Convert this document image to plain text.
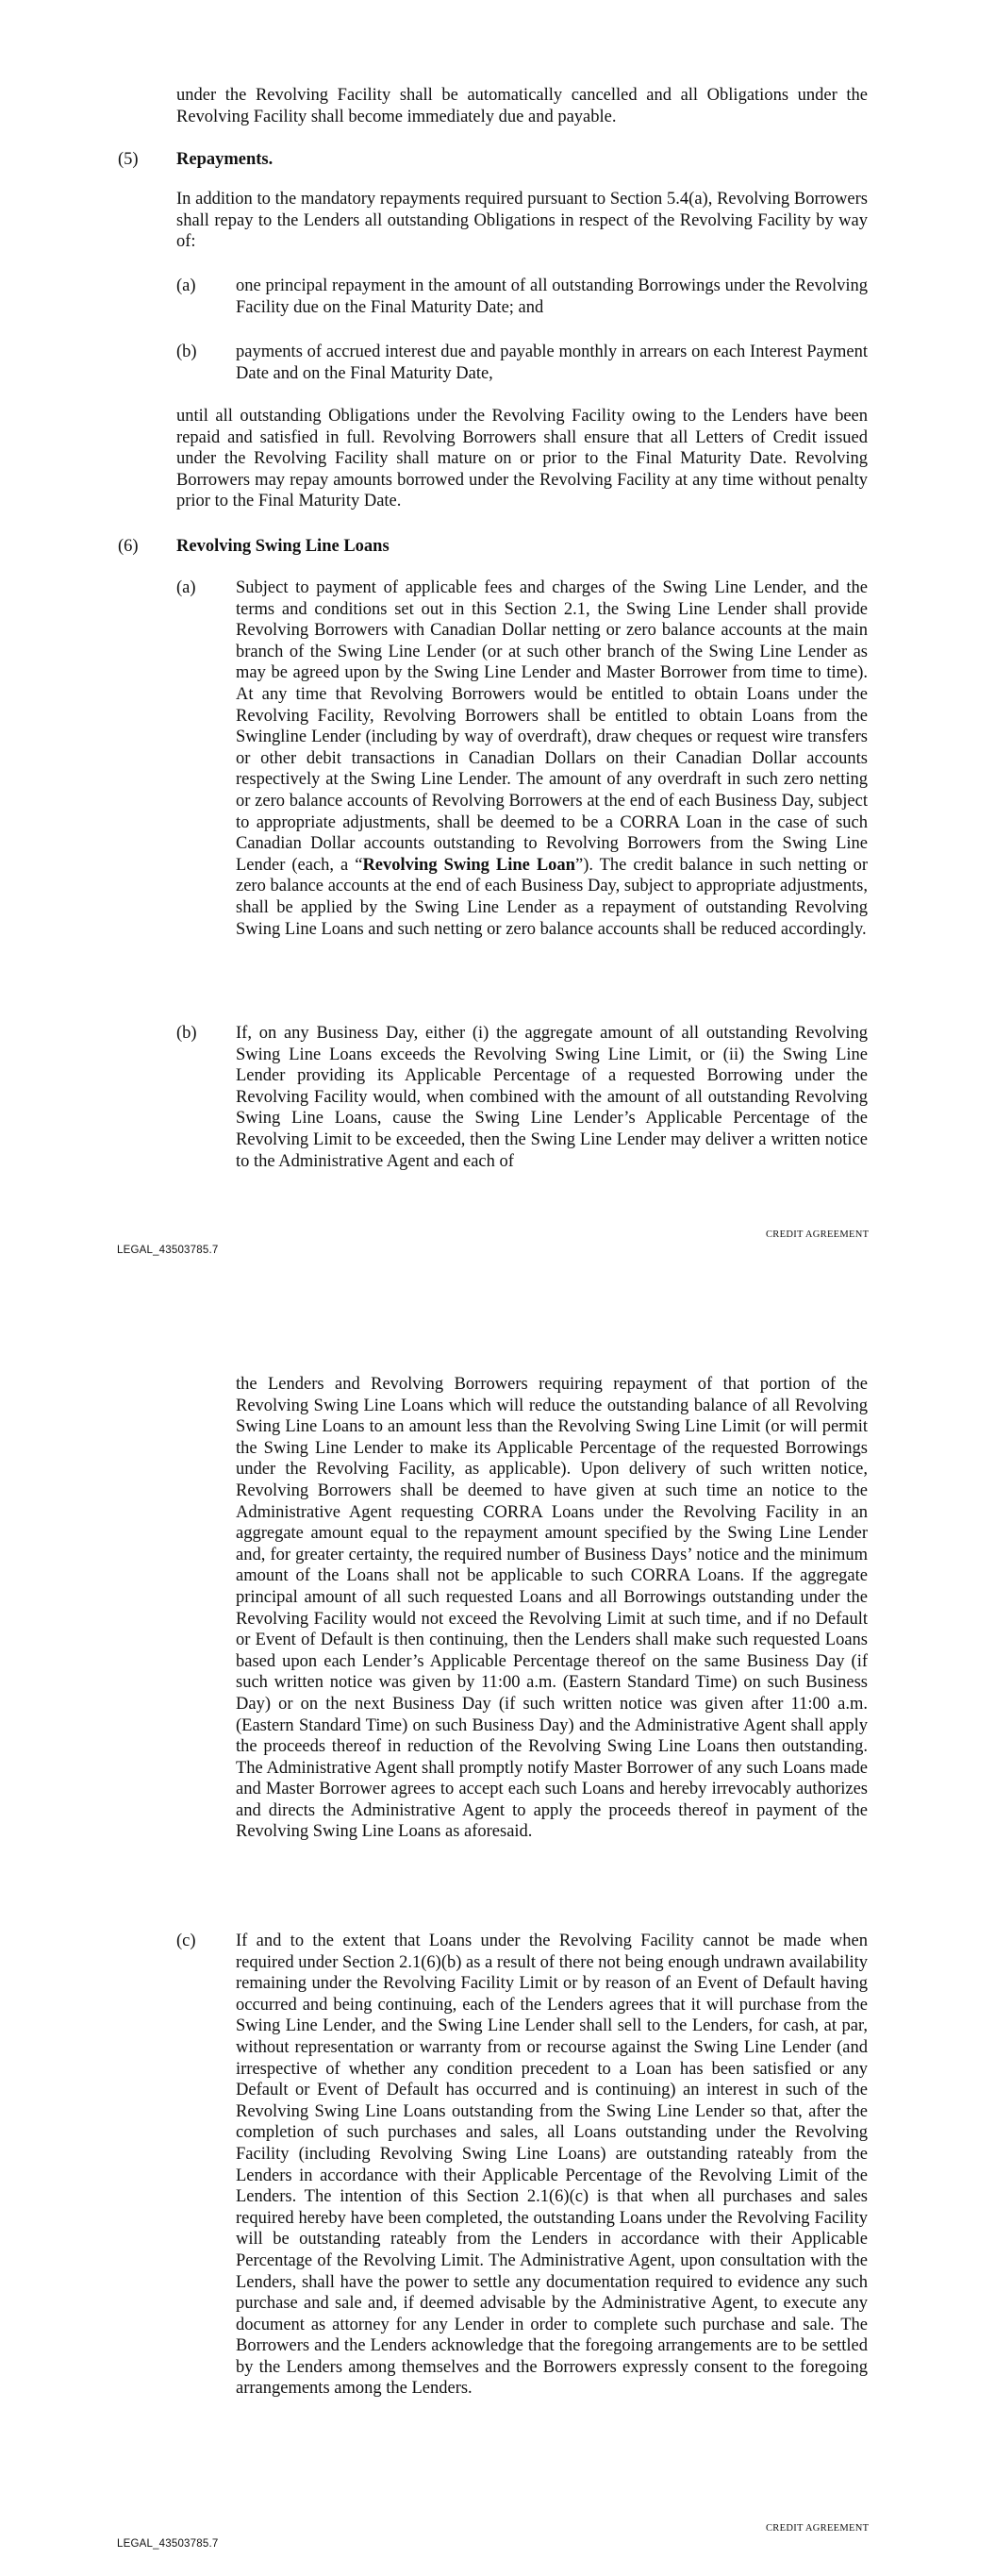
under the Revolving Facility shall be automatically cancelled and all Obligations under the Revolving Facility shall become immediately due and payable.
(5) Repayments.
In addition to the mandatory repayments required pursuant to Section 5.4(a), Revolving Borrowers shall repay to the Lenders all outstanding Obligations in respect of the Revolving Facility by way of:
(a) one principal repayment in the amount of all outstanding Borrowings under the Revolving Facility due on the Final Maturity Date; and
(b) payments of accrued interest due and payable monthly in arrears on each Interest Payment Date and on the Final Maturity Date,
until all outstanding Obligations under the Revolving Facility owing to the Lenders have been repaid and satisfied in full. Revolving Borrowers shall ensure that all Letters of Credit issued under the Revolving Facility shall mature on or prior to the Final Maturity Date. Revolving Borrowers may repay amounts borrowed under the Revolving Facility at any time without penalty prior to the Final Maturity Date.
(6) Revolving Swing Line Loans
(a) Subject to payment of applicable fees and charges of the Swing Line Lender, and the terms and conditions set out in this Section 2.1, the Swing Line Lender shall provide Revolving Borrowers with Canadian Dollar netting or zero balance accounts at the main branch of the Swing Line Lender (or at such other branch of the Swing Line Lender as may be agreed upon by the Swing Line Lender and Master Borrower from time to time). At any time that Revolving Borrowers would be entitled to obtain Loans under the Revolving Facility, Revolving Borrowers shall be entitled to obtain Loans from the Swingline Lender (including by way of overdraft), draw cheques or request wire transfers or other debit transactions in Canadian Dollars on their Canadian Dollar accounts respectively at the Swing Line Lender. The amount of any overdraft in such zero netting or zero balance accounts of Revolving Borrowers at the end of each Business Day, subject to appropriate adjustments, shall be deemed to be a CORRA Loan in the case of such Canadian Dollar accounts outstanding to Revolving Borrowers from the Swing Line Lender (each, a “Revolving Swing Line Loan”). The credit balance in such netting or zero balance accounts at the end of each Business Day, subject to appropriate adjustments, shall be applied by the Swing Line Lender as a repayment of outstanding Revolving Swing Line Loans and such netting or zero balance accounts shall be reduced accordingly.
(b) If, on any Business Day, either (i) the aggregate amount of all outstanding Revolving Swing Line Loans exceeds the Revolving Swing Line Limit, or (ii) the Swing Line Lender providing its Applicable Percentage of a requested Borrowing under the Revolving Facility would, when combined with the amount of all outstanding Revolving Swing Line Loans, cause the Swing Line Lender’s Applicable Percentage of the Revolving Limit to be exceeded, then the Swing Line Lender may deliver a written notice to the Administrative Agent and each of
CREDIT AGREEMENT
LEGAL_43503785.7
the Lenders and Revolving Borrowers requiring repayment of that portion of the Revolving Swing Line Loans which will reduce the outstanding balance of all Revolving Swing Line Loans to an amount less than the Revolving Swing Line Limit (or will permit the Swing Line Lender to make its Applicable Percentage of the requested Borrowings under the Revolving Facility, as applicable). Upon delivery of such written notice, Revolving Borrowers shall be deemed to have given at such time an notice to the Administrative Agent requesting CORRA Loans under the Revolving Facility in an aggregate amount equal to the repayment amount specified by the Swing Line Lender and, for greater certainty, the required number of Business Days’ notice and the minimum amount of the Loans shall not be applicable to such CORRA Loans. If the aggregate principal amount of all such requested Loans and all Borrowings outstanding under the Revolving Facility would not exceed the Revolving Limit at such time, and if no Default or Event of Default is then continuing, then the Lenders shall make such requested Loans based upon each Lender’s Applicable Percentage thereof on the same Business Day (if such written notice was given by 11:00 a.m. (Eastern Standard Time) on such Business Day) or on the next Business Day (if such written notice was given after 11:00 a.m. (Eastern Standard Time) on such Business Day) and the Administrative Agent shall apply the proceeds thereof in reduction of the Revolving Swing Line Loans then outstanding. The Administrative Agent shall promptly notify Master Borrower of any such Loans made and Master Borrower agrees to accept each such Loans and hereby irrevocably authorizes and directs the Administrative Agent to apply the proceeds thereof in payment of the Revolving Swing Line Loans as aforesaid.
(c) If and to the extent that Loans under the Revolving Facility cannot be made when required under Section 2.1(6)(b) as a result of there not being enough undrawn availability remaining under the Revolving Facility Limit or by reason of an Event of Default having occurred and being continuing, each of the Lenders agrees that it will purchase from the Swing Line Lender, and the Swing Line Lender shall sell to the Lenders, for cash, at par, without representation or warranty from or recourse against the Swing Line Lender (and irrespective of whether any condition precedent to a Loan has been satisfied or any Default or Event of Default has occurred and is continuing) an interest in such of the Revolving Swing Line Loans outstanding from the Swing Line Lender so that, after the completion of such purchases and sales, all Loans outstanding under the Revolving Facility (including Revolving Swing Line Loans) are outstanding rateably from the Lenders in accordance with their Applicable Percentage of the Revolving Limit of the Lenders. The intention of this Section 2.1(6)(c) is that when all purchases and sales required hereby have been completed, the outstanding Loans under the Revolving Facility will be outstanding rateably from the Lenders in accordance with their Applicable Percentage of the Revolving Limit. The Administrative Agent, upon consultation with the Lenders, shall have the power to settle any documentation required to evidence any such purchase and sale and, if deemed advisable by the Administrative Agent, to execute any document as attorney for any Lender in order to complete such purchase and sale. The Borrowers and the Lenders acknowledge that the foregoing arrangements are to be settled by the Lenders among themselves and the Borrowers expressly consent to the foregoing arrangements among the Lenders.
CREDIT AGREEMENT
LEGAL_43503785.7
